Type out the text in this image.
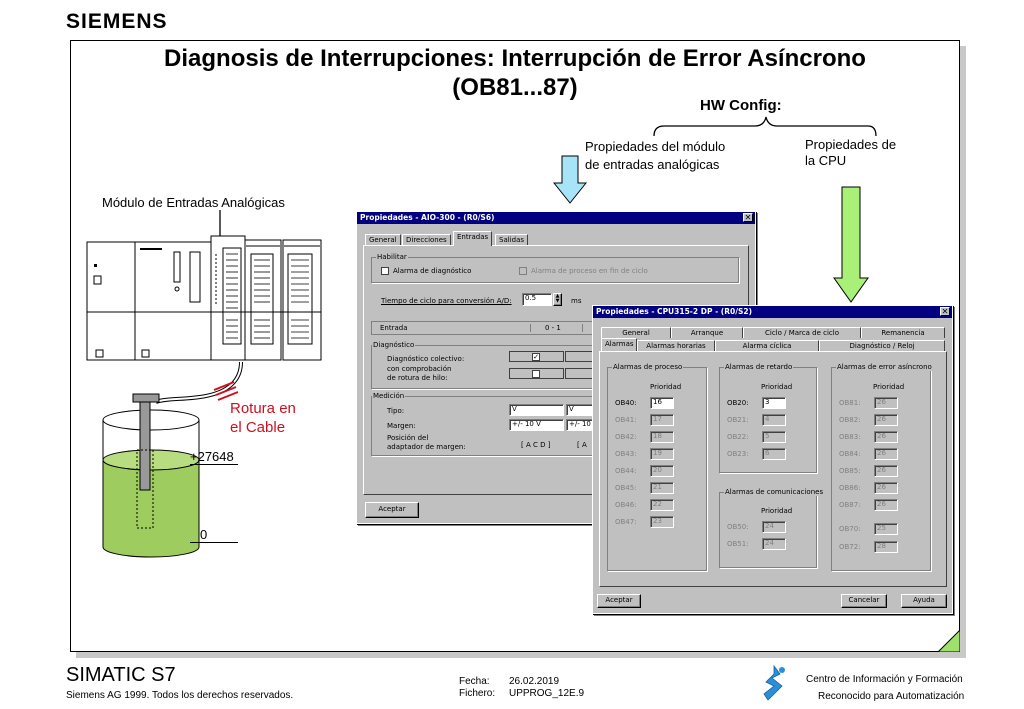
SIEMENS
Diagnosis de Interrupciones: Interrupción de Error Asíncrono
(OB81...87)
HW Config:
Propiedades del módulo
de entradas analógicas
Propiedades de
la CPU
Módulo de Entradas Analógicas
Rotura en
el Cable
+27648
0
Propiedades - AIO-300 - (R0/S6)	✕
General	Direcciones	Entradas	Salidas
Habilitar
Alarma de diagnóstico	Alarma de proceso en fin de ciclo
Tiempo de ciclo para conversión A/D:	0.5	▲
▼	ms
Entrada	0 - 1
Diagnóstico
Diagnóstico colectivo:
con comprobación
de rotura de hilo:
✓
Medición
Tipo:	V	V
Margen:	+/- 10 V	+/- 10
Posición del
adaptador de margen:	[ A C D ]	[ A
Aceptar
Propiedades - CPU315-2 DP - (R0/S2)	✕
General	Arranque	Ciclo / Marca de ciclo	Remanencia
Alarmas	Alarmas horarias	Alarma cíclica	Diagnóstico / Reloj
Alarmas de proceso
Prioridad
Alarmas de retardo
Prioridad
Alarmas de comunicaciones
Prioridad
Alarmas de error asíncrono
Prioridad
OB40:	16
OB41:	17
OB42:	18
OB43:	19
OB44:	20
OB45:	21
OB46:	22
OB47:	23
OB20:	3
OB21:	4
OB22:	5
OB23:	6
OB50:	24
OB51:	24
OB81:	26
OB82:	26
OB83:	26
OB84:	26
OB85:	26
OB86:	26
OB87:	26
OB70:	25
OB72:	28
Aceptar	Cancelar	Ayuda
SIMATIC S7
Siemens AG 1999. Todos los derechos reservados.
Fecha: 26.02.2019
Fichero: UPPROG_12E.9
Centro de Información y Formación
Reconocido para Automatización
